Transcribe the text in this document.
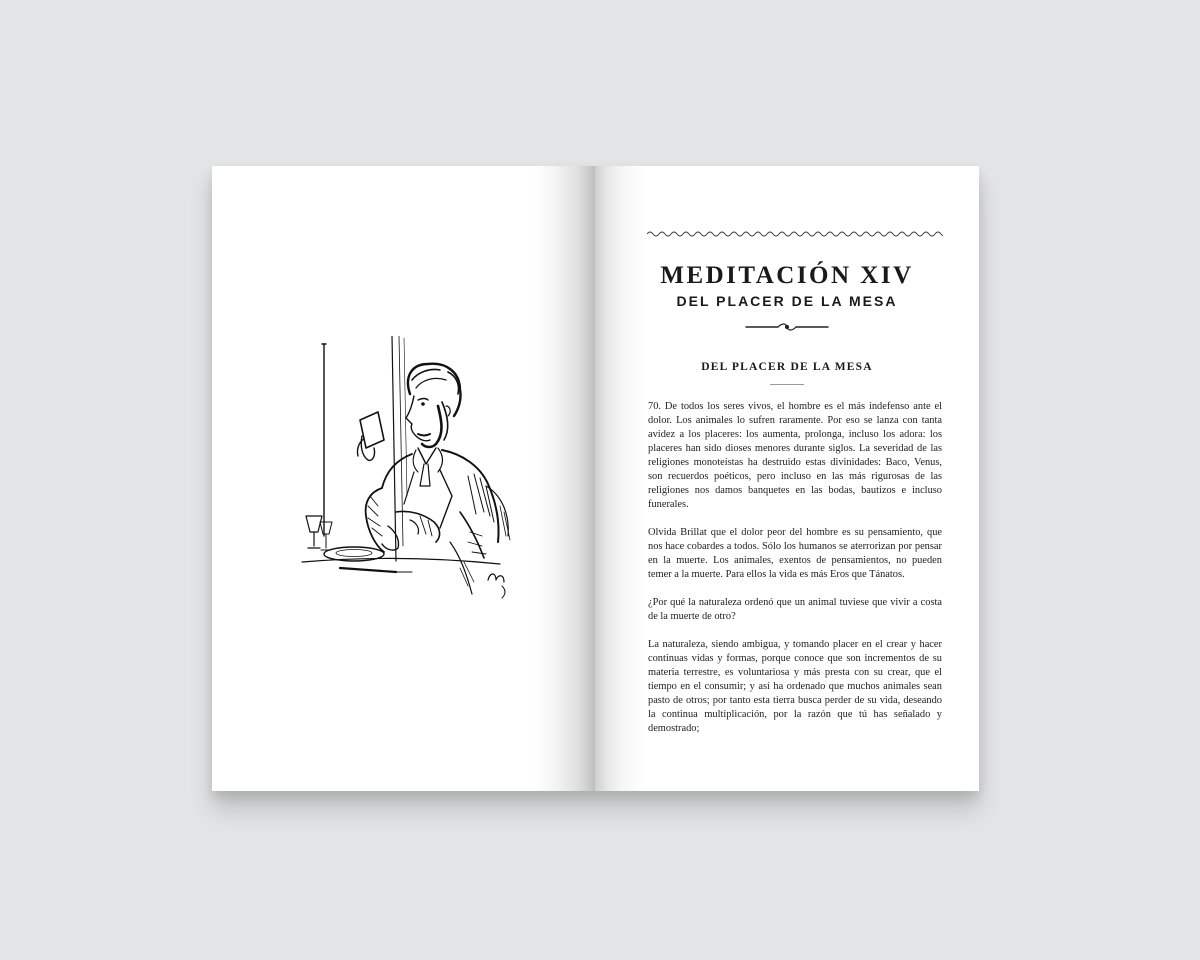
MEDITACIÓN XIV
DEL PLACER DE LA MESA
DEL PLACER DE LA MESA

70. De todos los seres vivos, el hombre es el más indefenso ante el dolor. Los animales lo sufren raramente. Por eso se lanza con tanta avidez a los placeres: los aumenta, prolonga, incluso los adora: los placeres han sido dioses menores durante siglos. La severidad de las religiones monoteístas ha destruido estas divinidades: Baco, Venus, son recuerdos poéticos, pero incluso en las más rigurosas de las religiones nos damos banquetes en las bodas, bautizos e incluso funerales.

Olvida Brillat que el dolor peor del hombre es su pensamiento, que nos hace cobardes a todos. Sólo los humanos se aterrorizan por pensar en la muerte. Los animales, exentos de pensamientos, no pueden temer a la muerte. Para ellos la vida es más Eros que Tánatos.

¿Por qué la naturaleza ordenó que un animal tuviese que vivir a costa de la muerte de otro?

La naturaleza, siendo ambigua, y tomando placer en el crear y hacer continuas vidas y formas, porque conoce que son incrementos de su materia terrestre, es voluntariosa y más presta con su crear, que el tiempo en el consumir; y así ha ordenado que muchos animales sean pasto de otros; por tanto esta tierra busca perder de su vida, deseando la continua multiplicación, por la razón que tú has señalado y demostrado;
